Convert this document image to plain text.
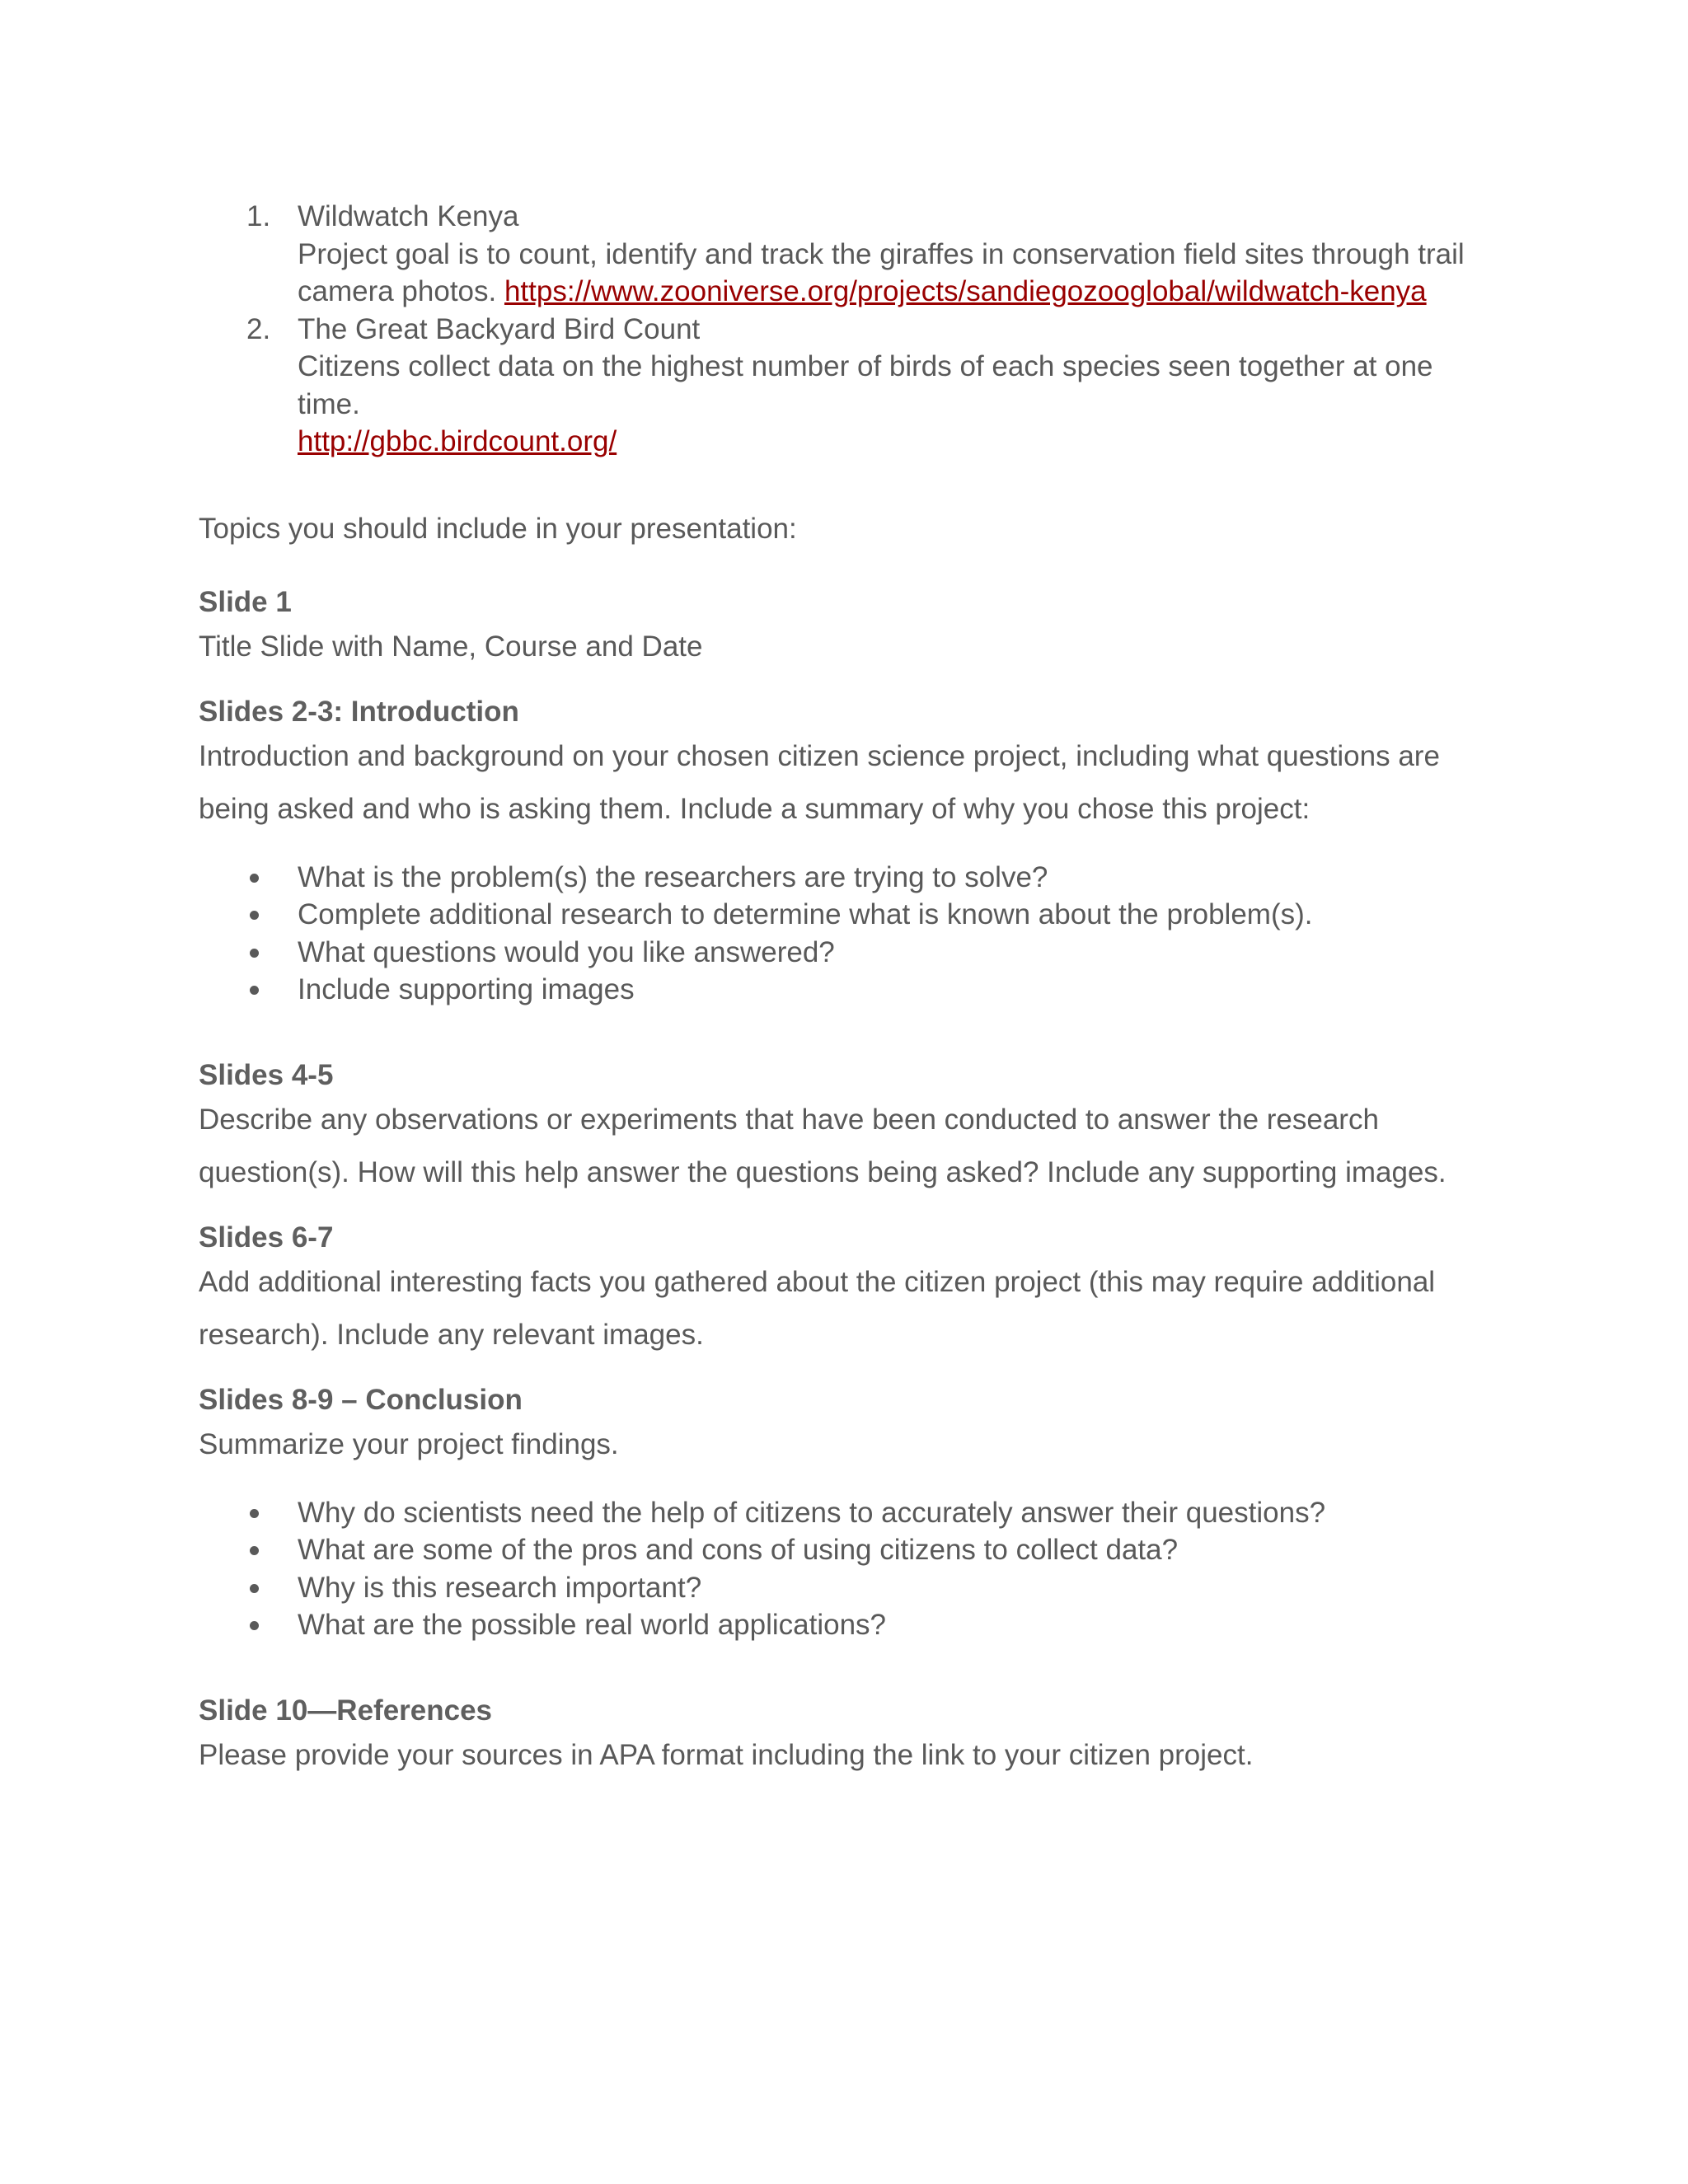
1. Wildwatch Kenya
Project goal is to count, identify and track the giraffes in conservation field sites through trail
camera photos. https://www.zooniverse.org/projects/sandiegozooglobal/wildwatch-kenya
2. The Great Backyard Bird Count
Citizens collect data on the highest number of birds of each species seen together at one
time.
http://gbbc.birdcount.org/
Topics you should include in your presentation:
Slide 1
Title Slide with Name, Course and Date
Slides 2-3: Introduction
Introduction and background on your chosen citizen science project, including what questions are
being asked and who is asking them. Include a summary of why you chose this project:
What is the problem(s) the researchers are trying to solve?
Complete additional research to determine what is known about the problem(s).
What questions would you like answered?
Include supporting images
Slides 4-5
Describe any observations or experiments that have been conducted to answer the research
question(s). How will this help answer the questions being asked? Include any supporting images.
Slides 6-7
Add additional interesting facts you gathered about the citizen project (this may require additional
research). Include any relevant images.
Slides 8-9 – Conclusion
Summarize your project findings.
Why do scientists need the help of citizens to accurately answer their questions?
What are some of the pros and cons of using citizens to collect data?
Why is this research important?
What are the possible real world applications?
Slide 10—References
Please provide your sources in APA format including the link to your citizen project.
